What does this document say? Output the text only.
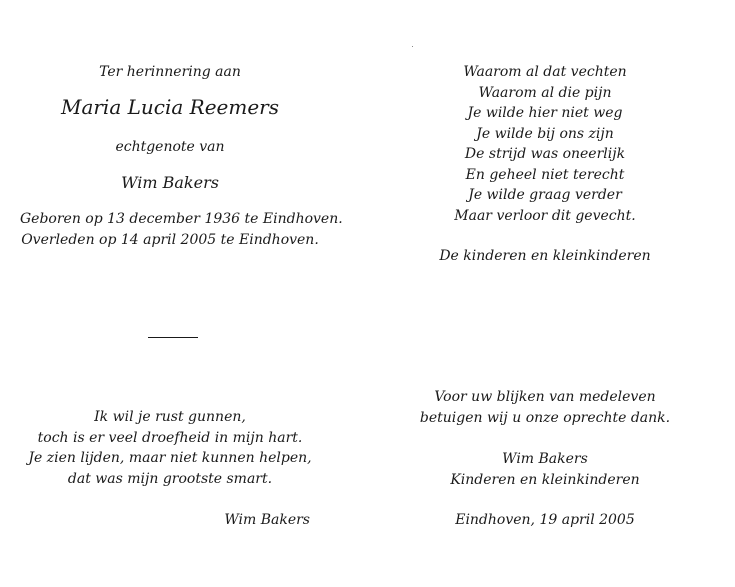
Ter herinnering aan
Maria Lucia Reemers
echtgenote van
Wim Bakers
Geboren op 13 december 1936 te Eindhoven.
Overleden op 14 april 2005 te Eindhoven.
Ik wil je rust gunnen,
toch is er veel droefheid in mijn hart.
Je zien lijden, maar niet kunnen helpen,
dat was mijn grootste smart.
Wim Bakers
Waarom al dat vechten
Waarom al die pijn
Je wilde hier niet weg
Je wilde bij ons zijn
De strijd was oneerlijk
En geheel niet terecht
Je wilde graag verder
Maar verloor dit gevecht.
De kinderen en kleinkinderen
Voor uw blijken van medeleven
betuigen wij u onze oprechte dank.
Wim Bakers
Kinderen en kleinkinderen
Eindhoven, 19 april 2005
